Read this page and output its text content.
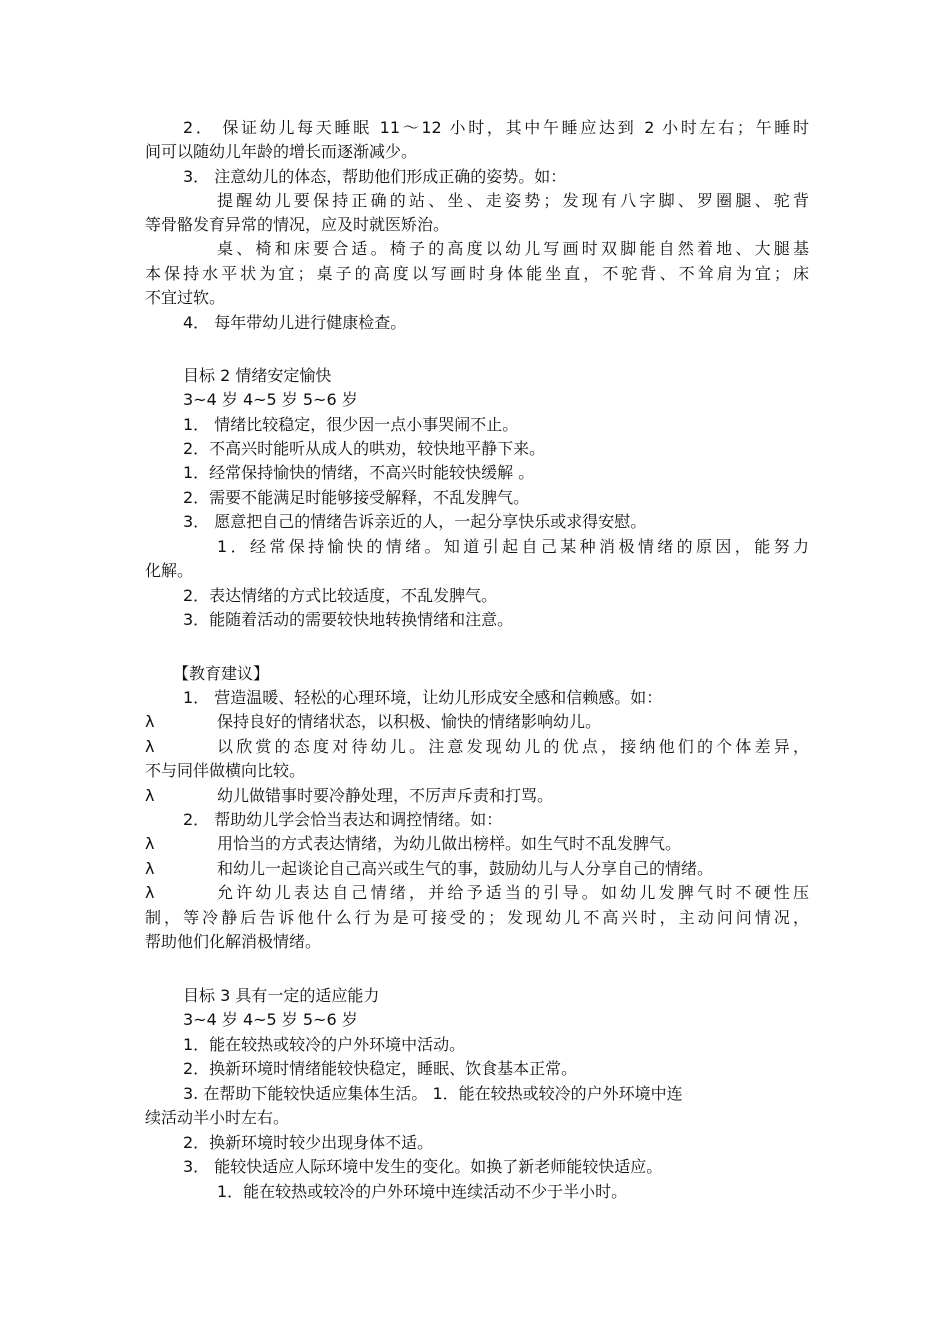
2． 保证幼儿每天睡眠 11～12 小时，其中午睡应达到 2 小时左右；午睡时
间可以随幼儿年龄的增长而逐渐减少。
3． 注意幼儿的体态，帮助他们形成正确的姿势。如：
提醒幼儿要保持正确的站、坐、走姿势；发现有八字脚、罗圈腿、驼背
等骨骼发育异常的情况，应及时就医矫治。
桌、椅和床要合适。椅子的高度以幼儿写画时双脚能自然着地、大腿基
本保持水平状为宜；桌子的高度以写画时身体能坐直，不驼背、不耸肩为宜；床
不宜过软。
4． 每年带幼儿进行健康检查。
目标 2 情绪安定愉快
3~4 岁 4~5 岁 5~6 岁
1． 情绪比较稳定，很少因一点小事哭闹不止。
2．不高兴时能听从成人的哄劝，较快地平静下来。
1．经常保持愉快的情绪，不高兴时能较快缓解 。
2．需要不能满足时能够接受解释，不乱发脾气。
3． 愿意把自己的情绪告诉亲近的人，一起分享快乐或求得安慰。
1．经常保持愉快的情绪。知道引起自己某种消极情绪的原因，能努力
化解。
2．表达情绪的方式比较适度，不乱发脾气。
3．能随着活动的需要较快地转换情绪和注意。
【教育建议】
1． 营造温暖、轻松的心理环境，让幼儿形成安全感和信赖感。如：
λ	保持良好的情绪状态，以积极、愉快的情绪影响幼儿。
λ	以欣赏的态度对待幼儿。注意发现幼儿的优点，接纳他们的个体差异，
不与同伴做横向比较。
λ	幼儿做错事时要冷静处理，不厉声斥责和打骂。
2． 帮助幼儿学会恰当表达和调控情绪。如：
λ	用恰当的方式表达情绪，为幼儿做出榜样。如生气时不乱发脾气。
λ	和幼儿一起谈论自己高兴或生气的事，鼓励幼儿与人分享自己的情绪。
λ	允许幼儿表达自己情绪，并给予适当的引导。如幼儿发脾气时不硬性压
制，等冷静后告诉他什么行为是可接受的；发现幼儿不高兴时，主动问问情况，
帮助他们化解消极情绪。
目标 3 具有一定的适应能力
3~4 岁 4~5 岁 5~6 岁
1．能在较热或较冷的户外环境中活动。
2．换新环境时情绪能较快稳定，睡眠、饮食基本正常。
3. 在帮助下能较快适应集体生活。 1．能在较热或较冷的户外环境中连
续活动半小时左右。
2．换新环境时较少出现身体不适。
3． 能较快适应人际环境中发生的变化。如换了新老师能较快适应。
1．能在较热或较冷的户外环境中连续活动不少于半小时。
